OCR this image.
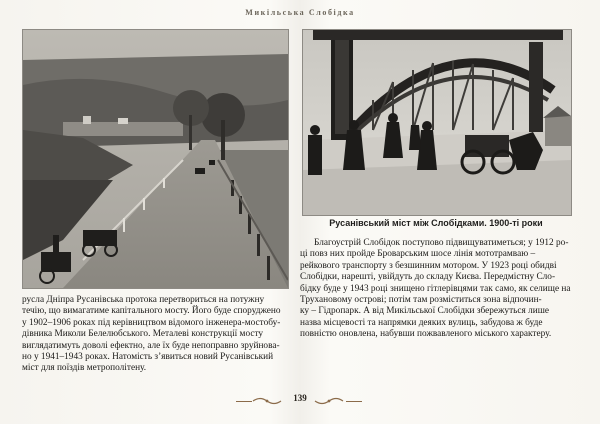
Микільська Слобідка
Русанівський міст між Слобідками. 1900-ті роки
русла Дніпра Русанівська протока перетвориться на потужну
течію, що вимагатиме капітального мосту. Його буде споруджено
у 1902–1906 роках під керівництвом відомого інженера-мостобу-
дівника Миколи Белелюбського. Металеві конструкції мосту
виглядатимуть доволі ефектно, але їх буде непоправно зруйнова-
но у 1941–1943 роках. Натомість з’явиться новий Русанівський
міст для поїздів метрополітену.
Благоустрій Слобідок поступово підвищуватиметься; у 1912 ро-
ці повз них пройде Броварським шосе лінія мототрамваю –
рейкового транспорту з безшинним мотором. У 1923 році обидві
Слобідки, нарешті, увійдуть до складу Києва. Передмістну Сло-
бідку буде у 1943 році знищено гітлерівцями так само, як селище на
Трухановому острові; потім там розміститься зона відпочин-
ку – Гідропарк. А від Микільської Слобідки збережуться лише
назва місцевості та напрямки деяких вулиць, забудова ж буде
повністю оновлена, набувши пожвавленого міського характеру.
139
